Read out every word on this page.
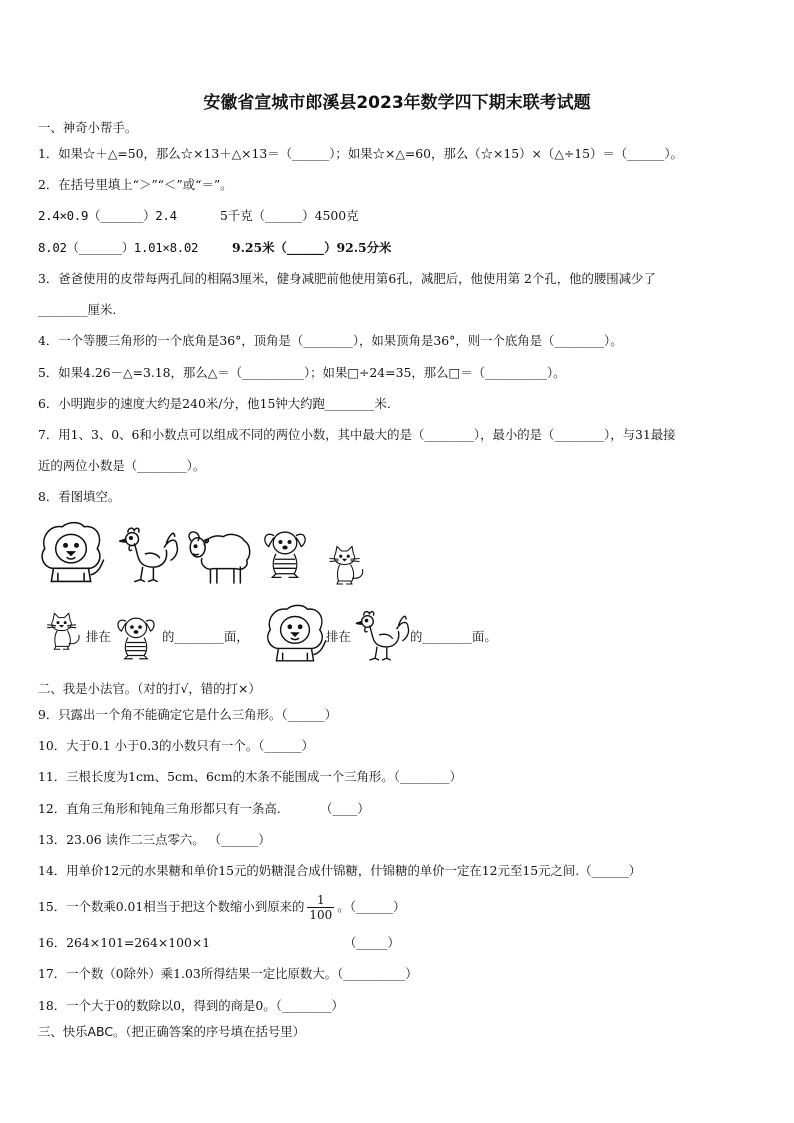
安徽省宣城市郎溪县2023年数学四下期末联考试题
一、神奇小帮手。
1．如果☆＋△=50，那么☆×13＋△×13＝（______）；如果☆×△=60，那么（☆×15）×（△÷15）＝（______）。
2．在括号里填上“＞”“＜”或“＝”。
2.4×0.9（______）2.4	5千克（______）4500克
8.02（______）1.01×8.02	9.25米（______）92.5分米
3．爸爸使用的皮带每两孔间的相隔3厘米，健身减肥前他使用第6孔，减肥后，他使用第 2个孔，他的腰围减少了
________厘米.
4．一个等腰三角形的一个底角是36°，顶角是（________），如果顶角是36°，则一个底角是（________）。
5．如果4.26－△=3.18，那么△＝（__________）；如果□÷24=35，那么□＝（__________）。
6．小明跑步的速度大约是240米/分，他15钟大约跑________米.
7．用1、3、0、6和小数点可以组成不同的两位小数，其中最大的是（________），最小的是（________），与31最接
近的两位小数是（________）。
8．看图填空。
排在	的________面，	排在	的________面。
二、我是小法官。（对的打√，错的打×）
9．只露出一个角不能确定它是什么三角形。（______）
10．大于0.1 小于0.3的小数只有一个。（______）
11．三根长度为1cm、5cm、6cm的木条不能围成一个三角形。（________）
12．直角三角形和钝角三角形都只有一条高.          （____）
13．23.06 读作二三点零六。 （______）
14．用单价12元的水果糖和单价15元的奶糖混合成什锦糖，什锦糖的单价一定在12元至15元之间.（______）
15．一个数乘0.01相当于把这个数缩小到原来的 $\frac{1}{100}$ 。（______）
16．264×101=264×100×1	（_____）
17．一个数（0除外）乘1.03所得结果一定比原数大。（__________）
18．一个大于0的数除以0，得到的商是0。（________）
三、快乐ABC。（把正确答案的序号填在括号里）
